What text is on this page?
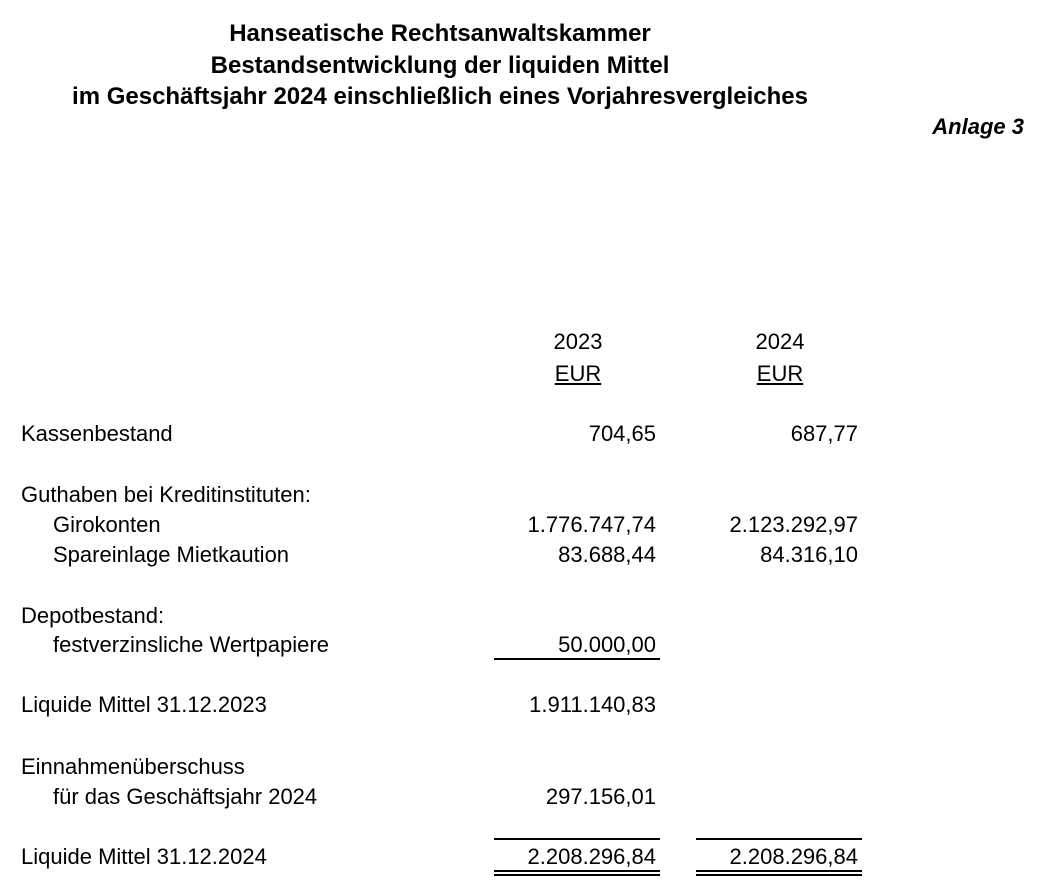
Hanseatische Rechtsanwaltskammer
Bestandsentwicklung der liquiden Mittel
im Geschäftsjahr 2024 einschließlich eines Vorjahresvergleiches
Anlage 3
2023	2024
EUR	EUR
Kassenbestand	704,65	687,77
Guthaben bei Kreditinstituten:
Girokonten	1.776.747,74	2.123.292,97
Spareinlage Mietkaution	83.688,44	84.316,10
Depotbestand:
festverzinsliche Wertpapiere	50.000,00
Liquide Mittel 31.12.2023	1.911.140,83
Einnahmenüberschuss
für das Geschäftsjahr 2024	297.156,01
Liquide Mittel 31.12.2024	2.208.296,84	2.208.296,84
